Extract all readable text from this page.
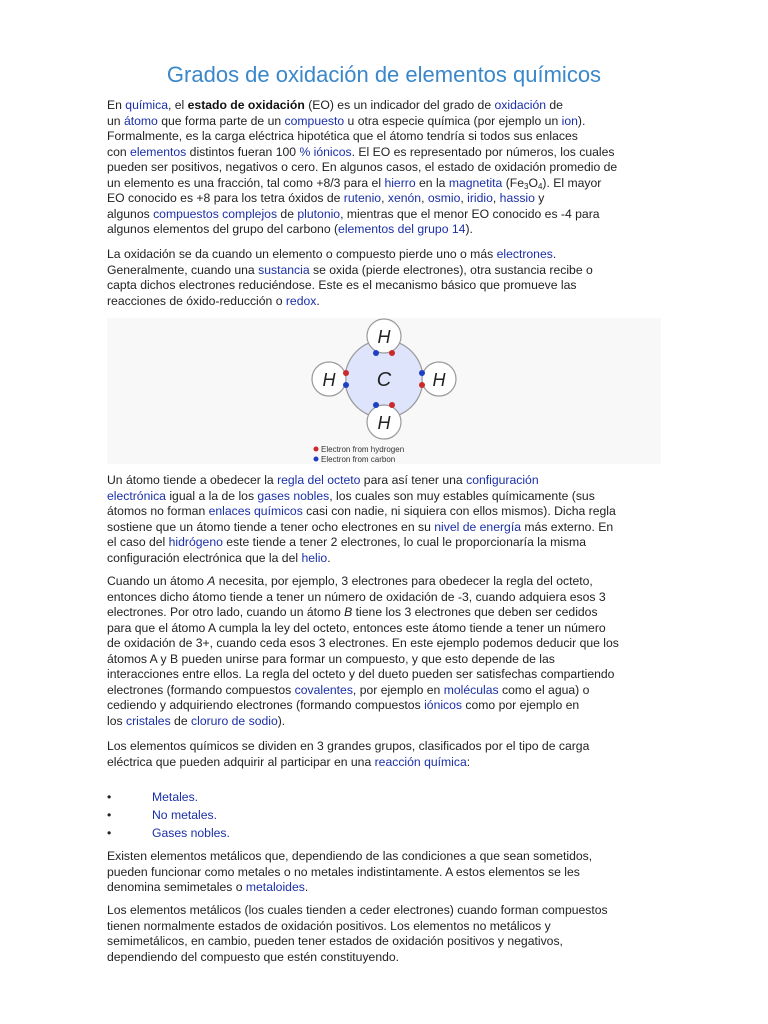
Grados de oxidación de elementos químicos

En química, el estado de oxidación (EO) es un indicador del grado de oxidación de
un átomo que forma parte de un compuesto u otra especie química (por ejemplo un ion).
Formalmente, es la carga eléctrica hipotética que el átomo tendría si todos sus enlaces
con elementos distintos fueran 100 % iónicos. El EO es representado por números, los cuales
pueden ser positivos, negativos o cero. En algunos casos, el estado de oxidación promedio de
un elemento es una fracción, tal como +8/3 para el hierro en la magnetita $(Fe_3O_4)$. El mayor
EO conocido es +8 para los tetra óxidos de rutenio, xenón, osmio, iridio, hassio y
algunos compuestos complejos de plutonio, mientras que el menor EO conocido es -4 para
algunos elementos del grupo del carbono (elementos del grupo 14).

La oxidación se da cuando un elemento o compuesto pierde uno o más electrones.
Generalmente, cuando una sustancia se oxida (pierde electrones), otra sustancia recibe o
capta dichos electrones reduciéndose. Este es el mecanismo básico que promueve las
reacciones de óxido-reducción o redox.

C
H
H	H
H
Electron from hydrogen
Electron from carbon

Un átomo tiende a obedecer la regla del octeto para así tener una configuración
electrónica igual a la de los gases nobles, los cuales son muy estables químicamente (sus
átomos no forman enlaces químicos casi con nadie, ni siquiera con ellos mismos). Dicha regla
sostiene que un átomo tiende a tener ocho electrones en su nivel de energía más externo. En
el caso del hidrógeno este tiende a tener 2 electrones, lo cual le proporcionaría la misma
configuración electrónica que la del helio.

Cuando un átomo A necesita, por ejemplo, 3 electrones para obedecer la regla del octeto,
entonces dicho átomo tiende a tener un número de oxidación de -3, cuando adquiera esos 3
electrones. Por otro lado, cuando un átomo B tiene los 3 electrones que deben ser cedidos
para que el átomo A cumpla la ley del octeto, entonces este átomo tiende a tener un número
de oxidación de 3+, cuando ceda esos 3 electrones. En este ejemplo podemos deducir que los
átomos A y B pueden unirse para formar un compuesto, y que esto depende de las
interacciones entre ellos. La regla del octeto y del dueto pueden ser satisfechas compartiendo
electrones (formando compuestos covalentes, por ejemplo en moléculas como el agua) o
cediendo y adquiriendo electrones (formando compuestos iónicos como por ejemplo en
los cristales de cloruro de sodio).

Los elementos químicos se dividen en 3 grandes grupos, clasificados por el tipo de carga
eléctrica que pueden adquirir al participar en una reacción química:

•	Metales.
•	No metales.
•	Gases nobles.

Existen elementos metálicos que, dependiendo de las condiciones a que sean sometidos,
pueden funcionar como metales o no metales indistintamente. A estos elementos se les
denomina semimetales o metaloides.

Los elementos metálicos (los cuales tienden a ceder electrones) cuando forman compuestos
tienen normalmente estados de oxidación positivos. Los elementos no metálicos y
semimetálicos, en cambio, pueden tener estados de oxidación positivos y negativos,
dependiendo del compuesto que estén constituyendo.
